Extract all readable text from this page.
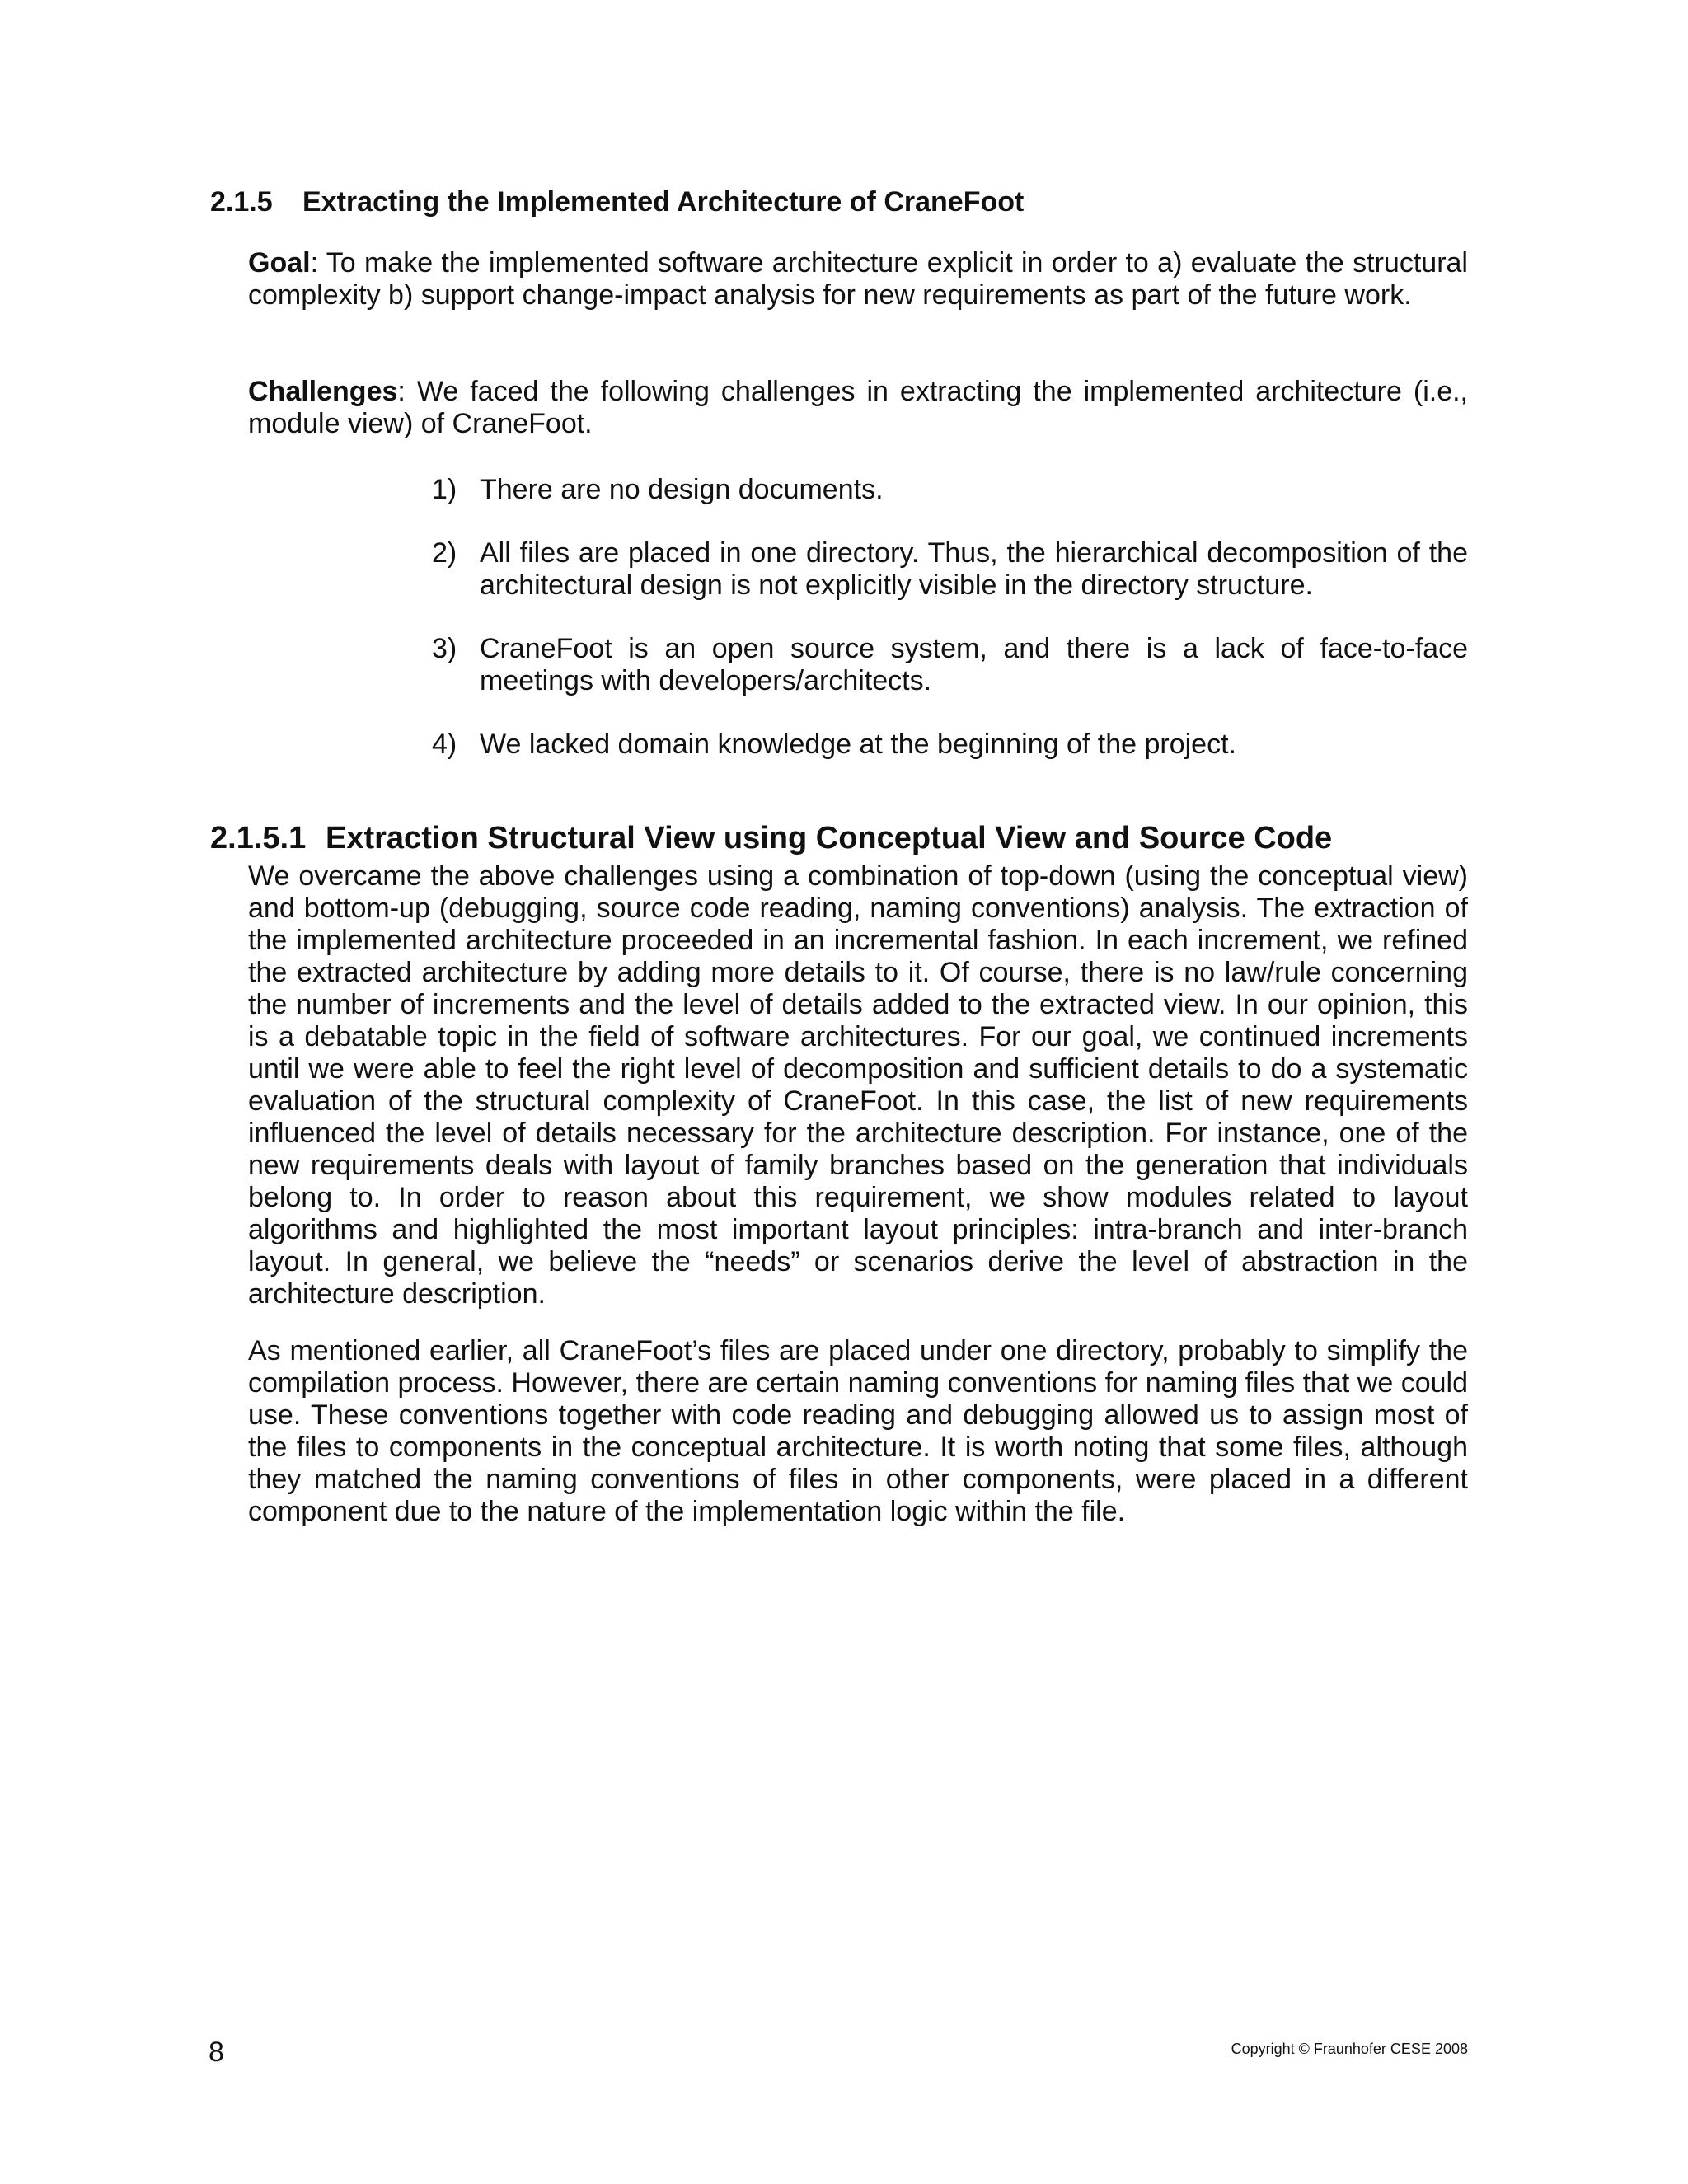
2.1.5 Extracting the Implemented Architecture of CraneFoot
Goal: To make the implemented software architecture explicit in order to a) evaluate the structural complexity b) support change-impact analysis for new requirements as part of the future work.
Challenges: We faced the following challenges in extracting the implemented architecture (i.e., module view) of CraneFoot.
1) There are no design documents.
2) All files are placed in one directory. Thus, the hierarchical decomposition of the architectural design is not explicitly visible in the directory structure.
3) CraneFoot is an open source system, and there is a lack of face-to-face meetings with developers/architects.
4) We lacked domain knowledge at the beginning of the project.
2.1.5.1 Extraction Structural View using Conceptual View and Source Code
We overcame the above challenges using a combination of top-down (using the conceptual view) and bottom-up (debugging, source code reading, naming conventions) analysis. The extraction of the implemented architecture proceeded in an incremental fashion. In each increment, we refined the extracted architecture by adding more details to it. Of course, there is no law/rule concerning the number of increments and the level of details added to the extracted view. In our opinion, this is a debatable topic in the field of software architectures. For our goal, we continued increments until we were able to feel the right level of decomposition and sufficient details to do a systematic evaluation of the structural complexity of CraneFoot. In this case, the list of new requirements influenced the level of details necessary for the architecture description. For instance, one of the new requirements deals with layout of family branches based on the generation that individuals belong to. In order to reason about this requirement, we show modules related to layout algorithms and highlighted the most important layout principles: intra-branch and inter-branch layout. In general, we believe the “needs” or scenarios derive the level of abstraction in the architecture description.
As mentioned earlier, all CraneFoot’s files are placed under one directory, probably to simplify the compilation process. However, there are certain naming conventions for naming files that we could use. These conventions together with code reading and debugging allowed us to assign most of the files to components in the conceptual architecture. It is worth noting that some files, although they matched the naming conventions of files in other components, were placed in a different component due to the nature of the implementation logic within the file.
8	Copyright © Fraunhofer CESE 2008
